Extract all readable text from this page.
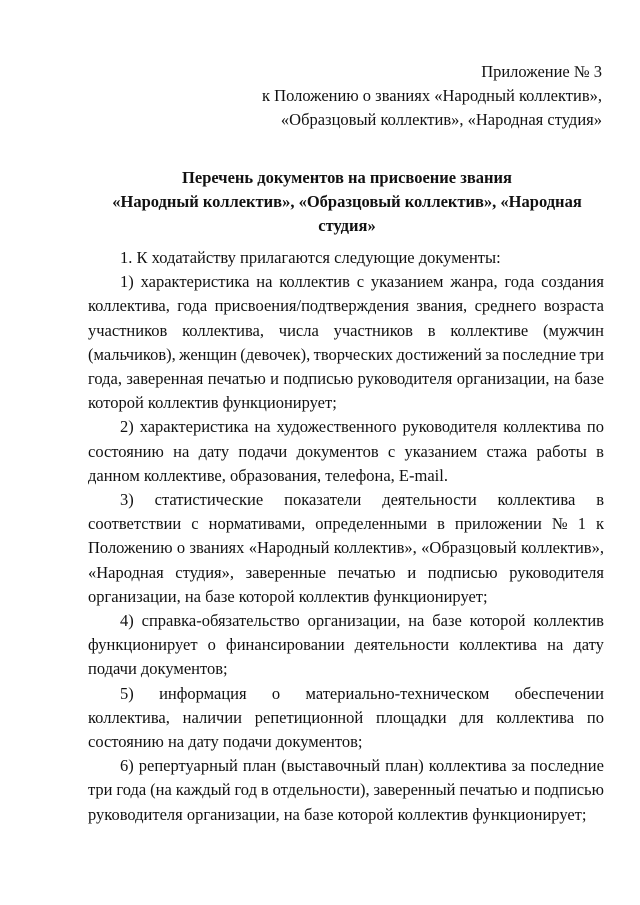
Приложение № 3
к Положению о званиях «Народный коллектив»,
«Образцовый коллектив», «Народная студия»
Перечень документов на присвоение звания
«Народный коллектив», «Образцовый коллектив», «Народная
студия»
1. К ходатайству прилагаются следующие документы:
1) характеристика на коллектив с указанием жанра, года создания
коллектива, года присвоения/подтверждения звания, среднего возраста
участников коллектива, числа участников в коллективе (мужчин
(мальчиков), женщин (девочек), творческих достижений за последние три
года, заверенная печатью и подписью руководителя организации, на базе
которой коллектив функционирует;
2) характеристика на художественного руководителя коллектива по
состоянию на дату подачи документов с указанием стажа работы в
данном коллективе, образования, телефона, E-mail.
3) статистические показатели деятельности коллектива в
соответствии с нормативами, определенными в приложении № 1 к
Положению о званиях «Народный коллектив», «Образцовый коллектив»,
«Народная студия», заверенные печатью и подписью руководителя
организации, на базе которой коллектив функционирует;
4) справка-обязательство организации, на базе которой коллектив
функционирует о финансировании деятельности коллектива на дату
подачи документов;
5) информация о материально-техническом обеспечении
коллектива, наличии репетиционной площадки для коллектива по
состоянию на дату подачи документов;
6) репертуарный план (выставочный план) коллектива за последние
три года (на каждый год в отдельности), заверенный печатью и подписью
руководителя организации, на базе которой коллектив функционирует;
